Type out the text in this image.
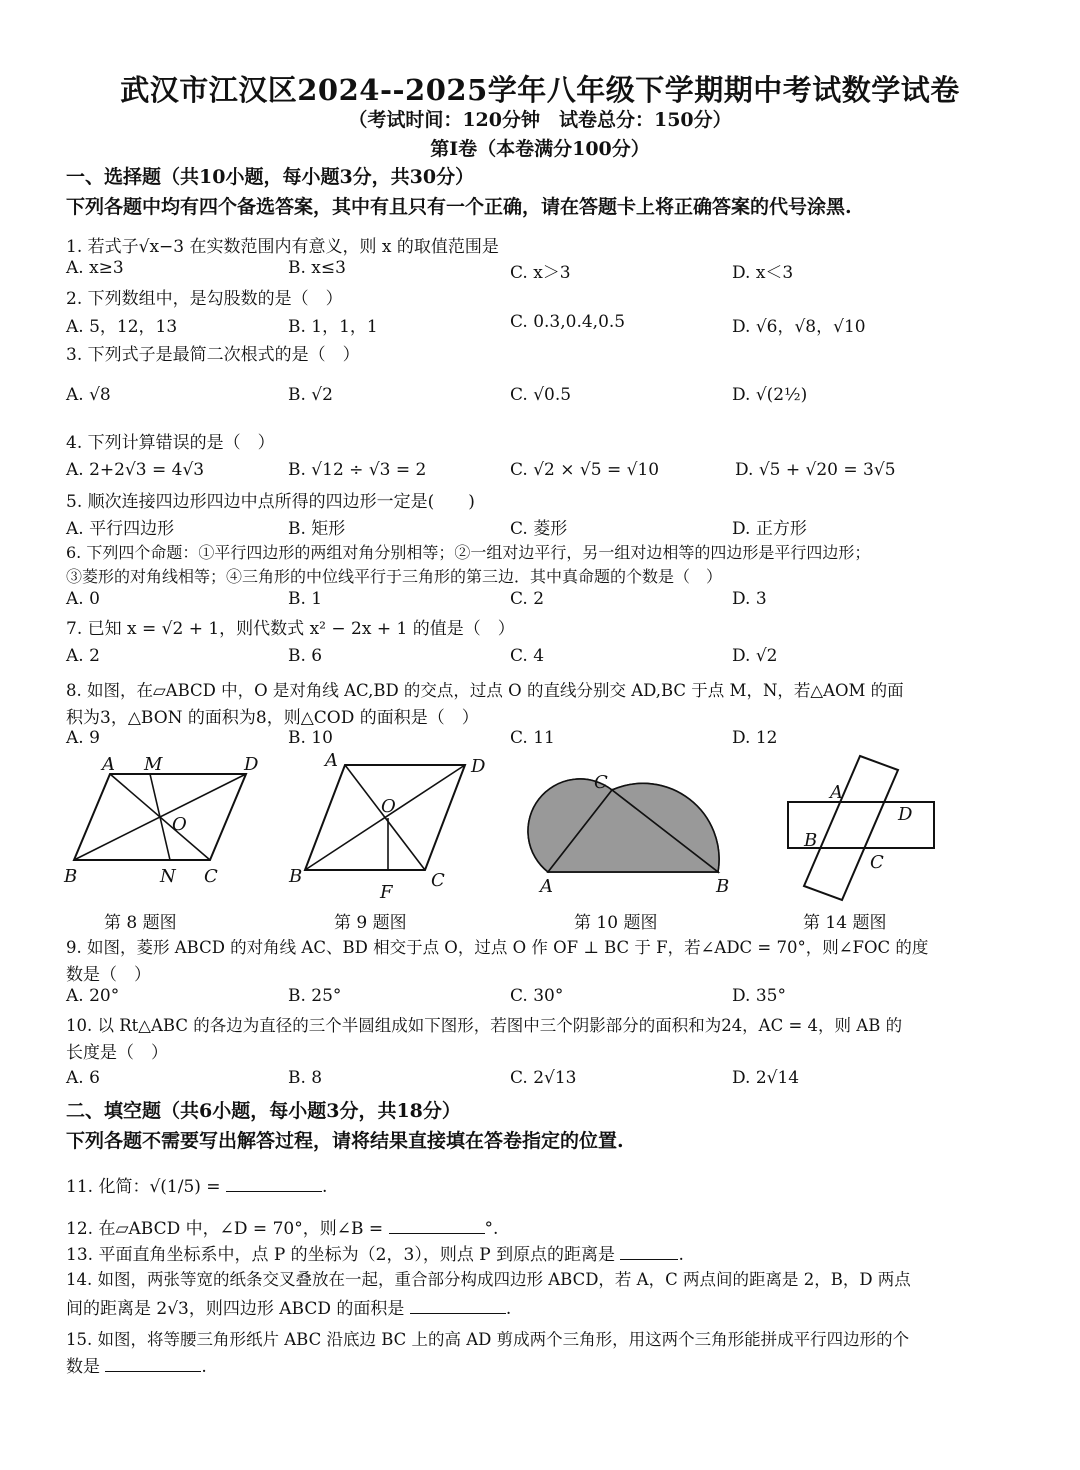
武汉市江汉区2024--2025学年八年级下学期期中考试数学试卷
（考试时间：120分钟　试卷总分：150分）
第Ⅰ卷（本卷满分100分）
一、选择题（共10小题，每小题3分，共30分）
下列各题中均有四个备选答案，其中有且只有一个正确，请在答题卡上将正确答案的代号涂黑.
1. 若式子√x−3 在实数范围内有意义，则 x 的取值范围是
A. x≥3	B. x≤3	C. x＞3	D. x＜3
2. 下列数组中，是勾股数的是（　）
A. 5，12，13	B. 1，1，1	C. 0.3,0.4,0.5	D. √6，√8，√10
3. 下列式子是最简二次根式的是（　）
A. √8	B. √2	C. √0.5	D. √(2½)
4. 下列计算错误的是（　）
A. 2+2√3 = 4√3	B. √12 ÷ √3 = 2	C. √2 × √5 = √10	D. √5 + √20 = 3√5
5. 顺次连接四边形四边中点所得的四边形一定是(　　)
A. 平行四边形	B. 矩形	C. 菱形	D. 正方形
6. 下列四个命题：①平行四边形的两组对角分别相等；②一组对边平行，另一组对边相等的四边形是平行四边形；
③菱形的对角线相等；④三角形的中位线平行于三角形的第三边．其中真命题的个数是（　）
A. 0	B. 1	C. 2	D. 3
7. 已知 x = √2 + 1，则代数式 x² − 2x + 1 的值是（　）
A. 2	B. 6	C. 4	D. √2
8. 如图，在▱ABCD 中，O 是对角线 AC,BD 的交点，过点 O 的直线分别交 AD,BC 于点 M，N，若△AOM 的面
积为3，△BON 的面积为8，则△COD 的面积是（　）
A. 9	B. 10	C. 11	D. 12
A M	D
O
B	N C
A	D
O
B
F
C
C
A	B
A
D
B
C
第 8 题图	第 9 题图	第 10 题图	第 14 题图
9. 如图，菱形 ABCD 的对角线 AC、BD 相交于点 O，过点 O 作 OF ⊥ BC 于 F，若∠ADC = 70°，则∠FOC 的度
数是（　）
A. 20°	B. 25°	C. 30°	D. 35°
10. 以 Rt△ABC 的各边为直径的三个半圆组成如下图形，若图中三个阴影部分的面积和为24，AC = 4，则 AB 的
长度是（　）
A. 6	B. 8	C. 2√13	D. 2√14
二、填空题（共6小题，每小题3分，共18分）
下列各题不需要写出解答过程，请将结果直接填在答卷指定的位置.
11. 化简：√(1/5) =	.
12. 在▱ABCD 中，∠D = 70°，则∠B =	°.
13. 平面直角坐标系中，点 P 的坐标为（2，3），则点 P 到原点的距离是	.
14. 如图，两张等宽的纸条交叉叠放在一起，重合部分构成四边形 ABCD，若 A，C 两点间的距离是 2，B，D 两点
间的距离是 2√3，则四边形 ABCD 的面积是	.
15. 如图，将等腰三角形纸片 ABC 沿底边 BC 上的高 AD 剪成两个三角形，用这两个三角形能拼成平行四边形的个
数是	.
